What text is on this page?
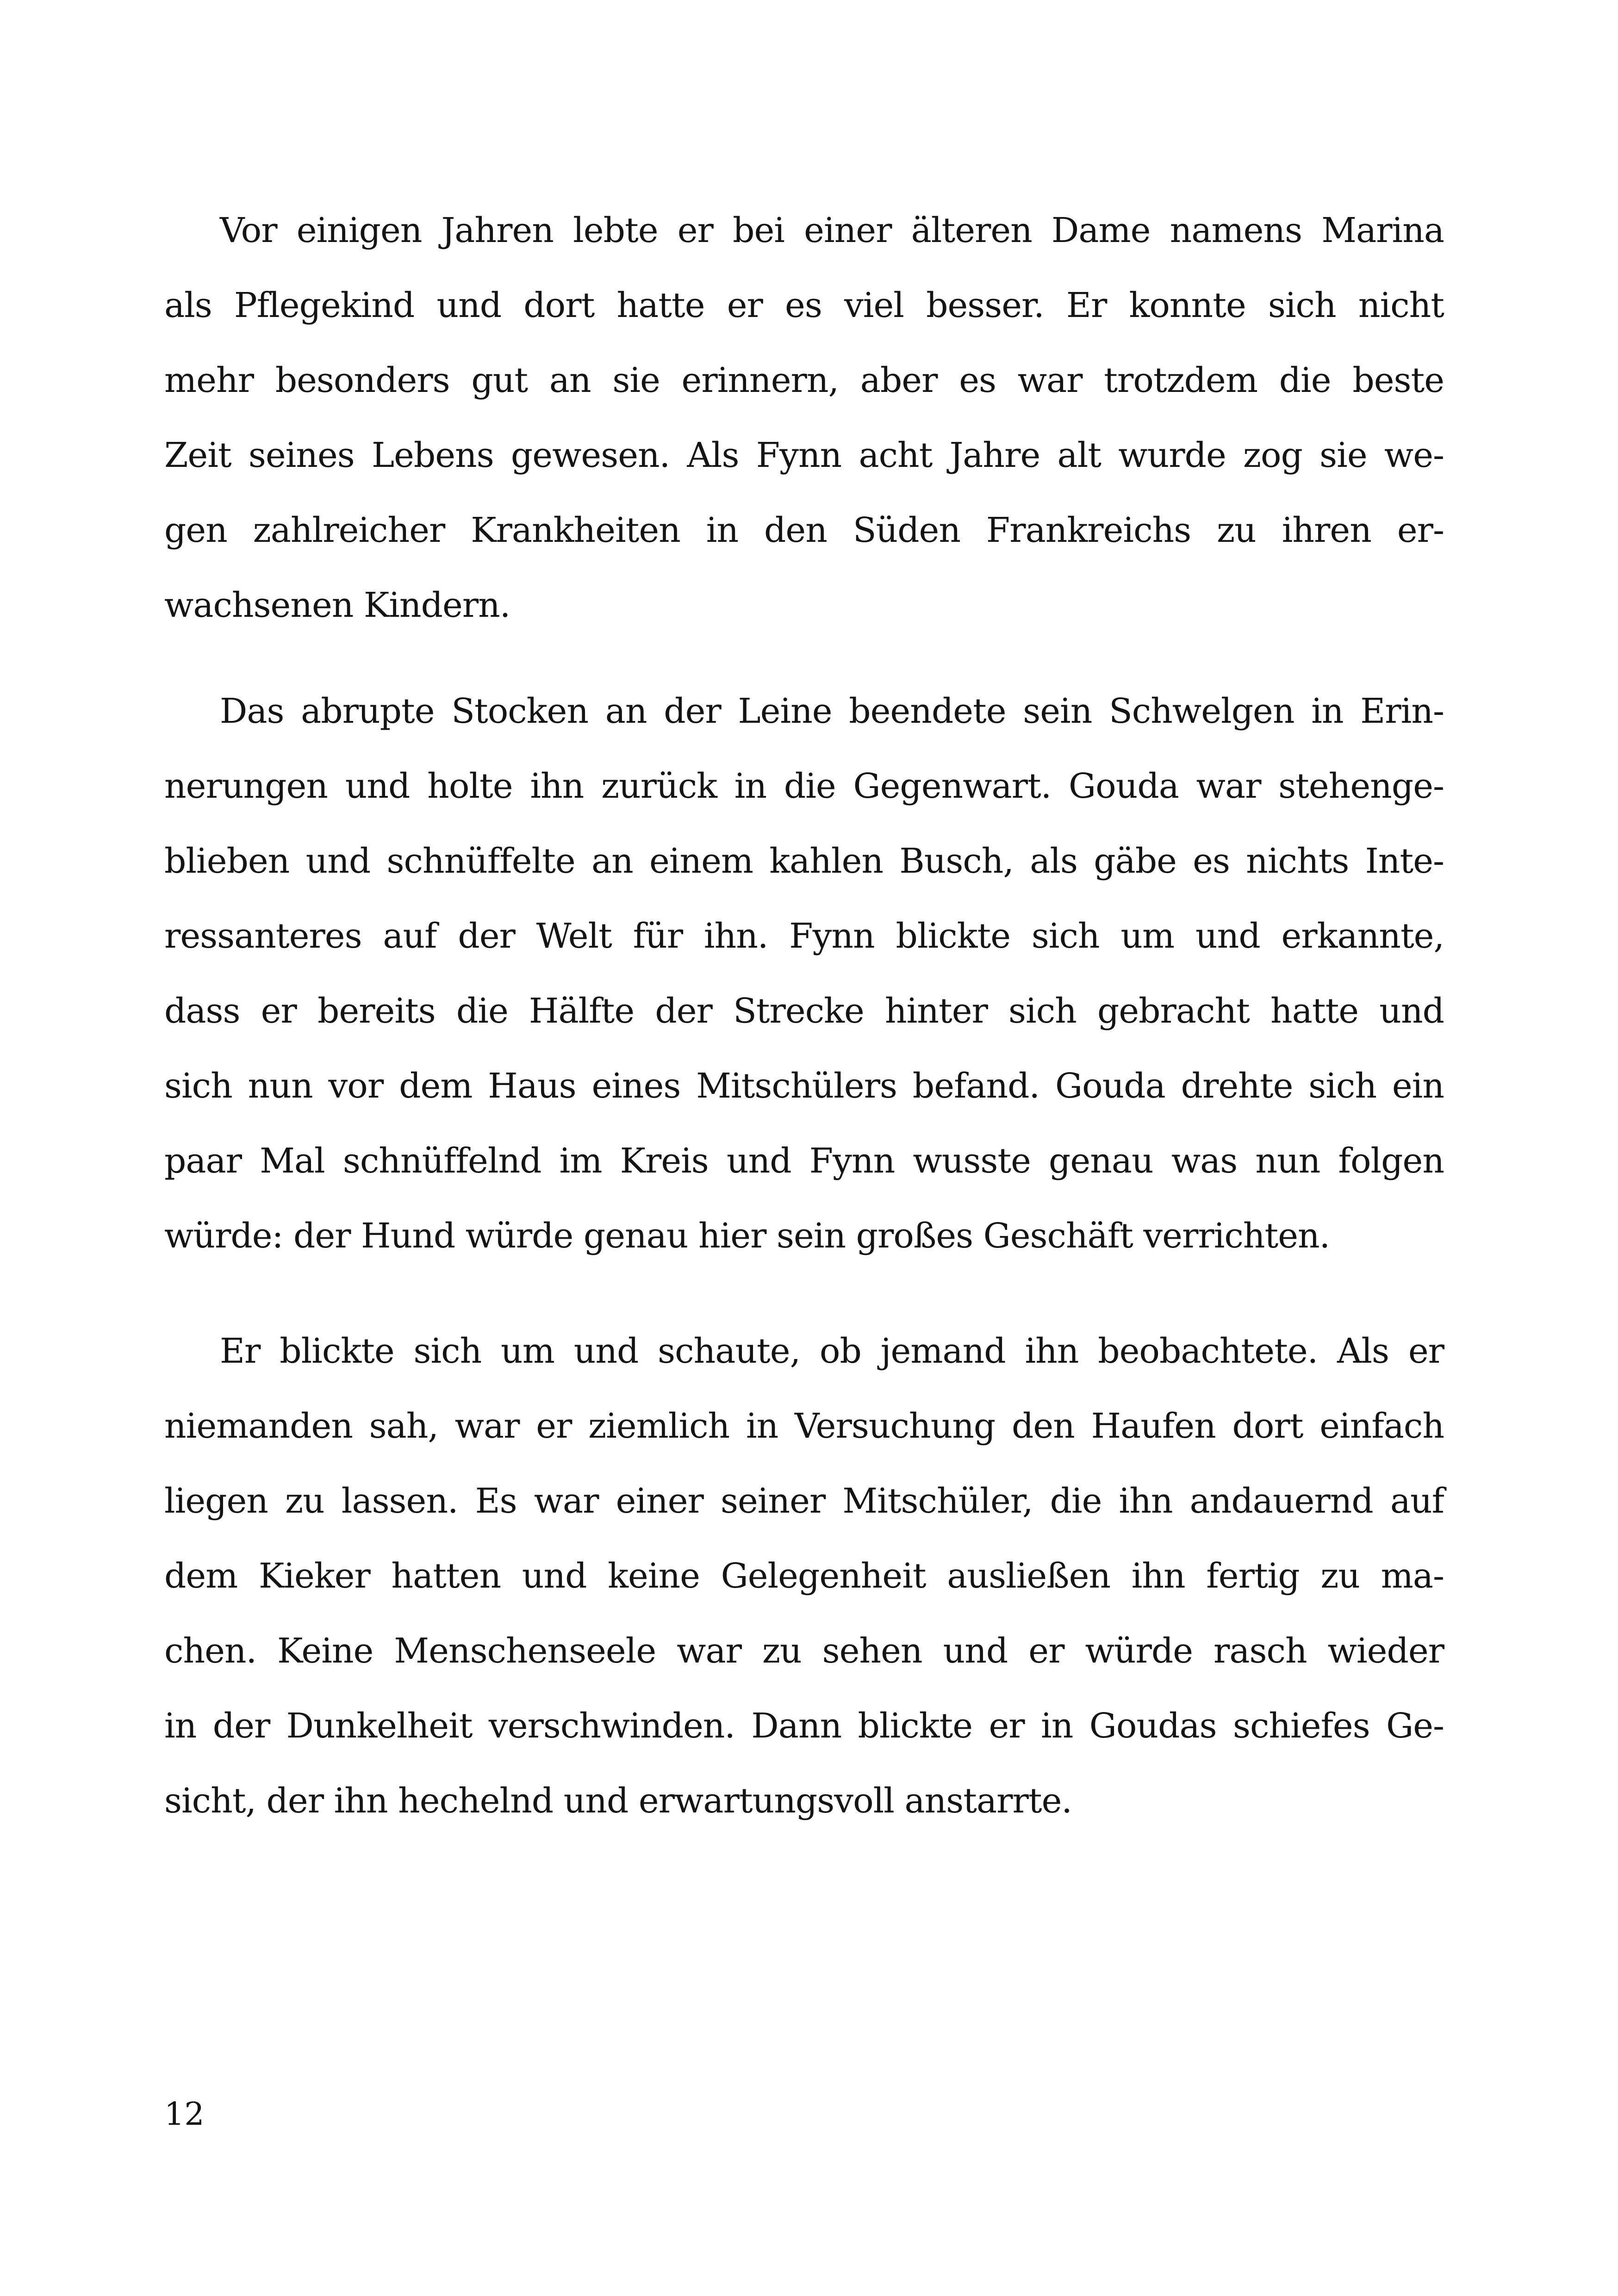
Vor einigen Jahren lebte er bei einer älteren Dame namens Marina
als Pflegekind und dort hatte er es viel besser. Er konnte sich nicht
mehr besonders gut an sie erinnern, aber es war trotzdem die beste
Zeit seines Lebens gewesen. Als Fynn acht Jahre alt wurde zog sie we-
gen zahlreicher Krankheiten in den Süden Frankreichs zu ihren er-
wachsenen Kindern.
Das abrupte Stocken an der Leine beendete sein Schwelgen in Erin-
nerungen und holte ihn zurück in die Gegenwart. Gouda war stehenge-
blieben und schnüffelte an einem kahlen Busch, als gäbe es nichts Inte-
ressanteres auf der Welt für ihn. Fynn blickte sich um und erkannte,
dass er bereits die Hälfte der Strecke hinter sich gebracht hatte und
sich nun vor dem Haus eines Mitschülers befand. Gouda drehte sich ein
paar Mal schnüffelnd im Kreis und Fynn wusste genau was nun folgen
würde: der Hund würde genau hier sein großes Geschäft verrichten.
Er blickte sich um und schaute, ob jemand ihn beobachtete. Als er
niemanden sah, war er ziemlich in Versuchung den Haufen dort einfach
liegen zu lassen. Es war einer seiner Mitschüler, die ihn andauernd auf
dem Kieker hatten und keine Gelegenheit ausließen ihn fertig zu ma-
chen. Keine Menschenseele war zu sehen und er würde rasch wieder
in der Dunkelheit verschwinden. Dann blickte er in Goudas schiefes Ge-
sicht, der ihn hechelnd und erwartungsvoll anstarrte.
12
